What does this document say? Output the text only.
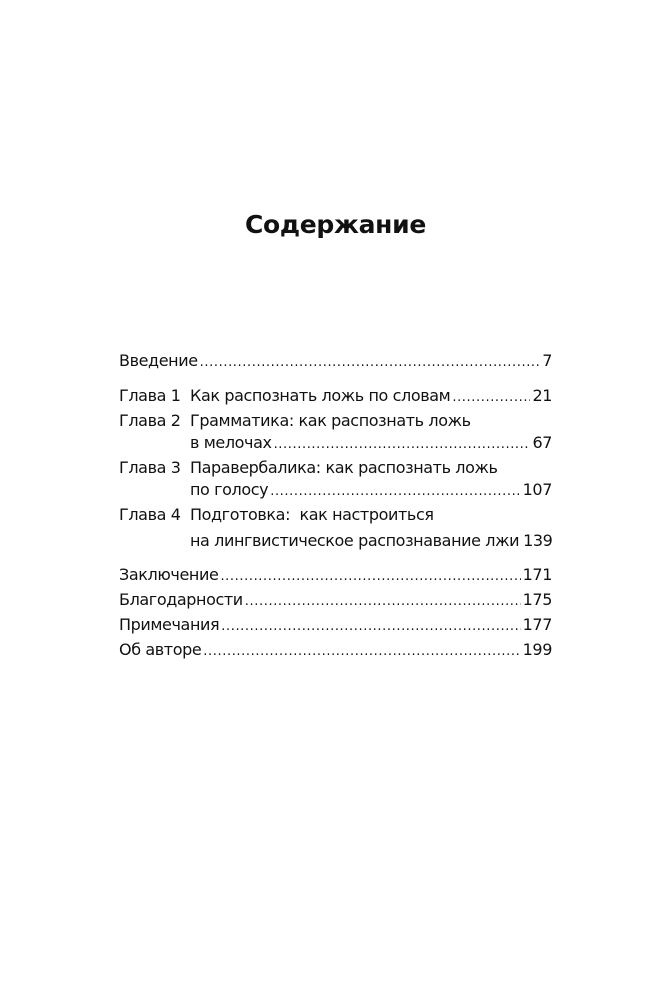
Содержание
Введение .....	7
Глава 1 Как распознать ложь по словам .....	21
Глава 2 Грамматика: как распознать ложь
в мелочах .....	67
Глава 3 Паравербалика: как распознать ложь
по голосу .....	107
Глава 4 Подготовка:  как настроиться
на лингвистическое распознавание лжи 139
Заключение .....	171
Благодарности .....	175
Примечания .....	177
Об авторе .....	199
